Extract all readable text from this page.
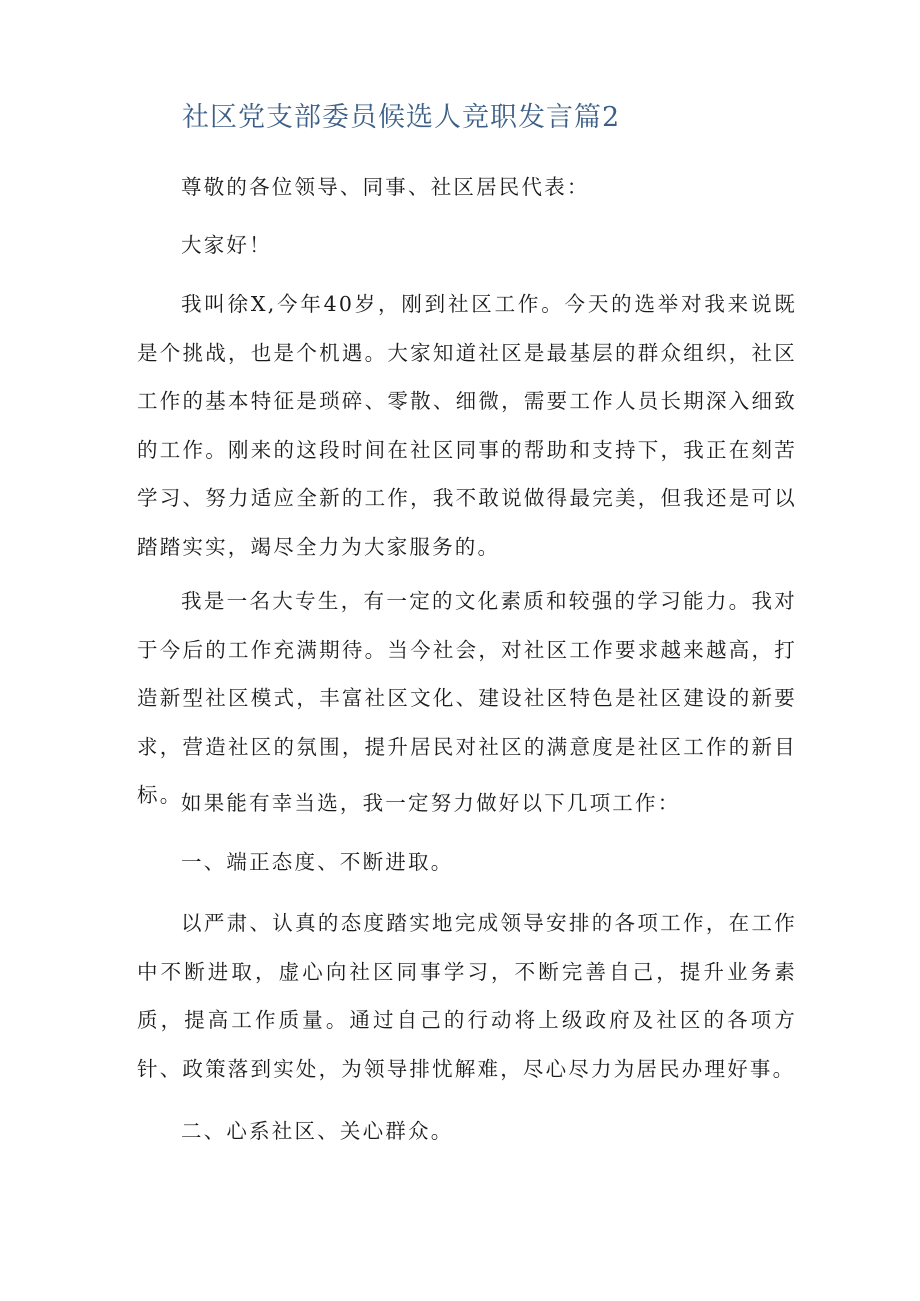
社区党支部委员候选人竞职发言篇2

尊敬的各位领导、同事、社区居民代表：

大家好！

我叫徐X,今年40岁，刚到社区工作。今天的选举对我来说既是个挑战，也是个机遇。大家知道社区是最基层的群众组织，社区工作的基本特征是琐碎、零散、细微，需要工作人员长期深入细致的工作。刚来的这段时间在社区同事的帮助和支持下，我正在刻苦学习、努力适应全新的工作，我不敢说做得最完美，但我还是可以踏踏实实，竭尽全力为大家服务的。

我是一名大专生，有一定的文化素质和较强的学习能力。我对于今后的工作充满期待。当今社会，对社区工作要求越来越高，打造新型社区模式，丰富社区文化、建设社区特色是社区建设的新要求，营造社区的氛围，提升居民对社区的满意度是社区工作的新目标。

如果能有幸当选，我一定努力做好以下几项工作：

一、端正态度、不断进取。

以严肃、认真的态度踏实地完成领导安排的各项工作，在工作中不断进取，虚心向社区同事学习，不断完善自己，提升业务素质，提高工作质量。通过自己的行动将上级政府及社区的各项方针、政策落到实处，为领导排忧解难，尽心尽力为居民办理好事。

二、心系社区、关心群众。
